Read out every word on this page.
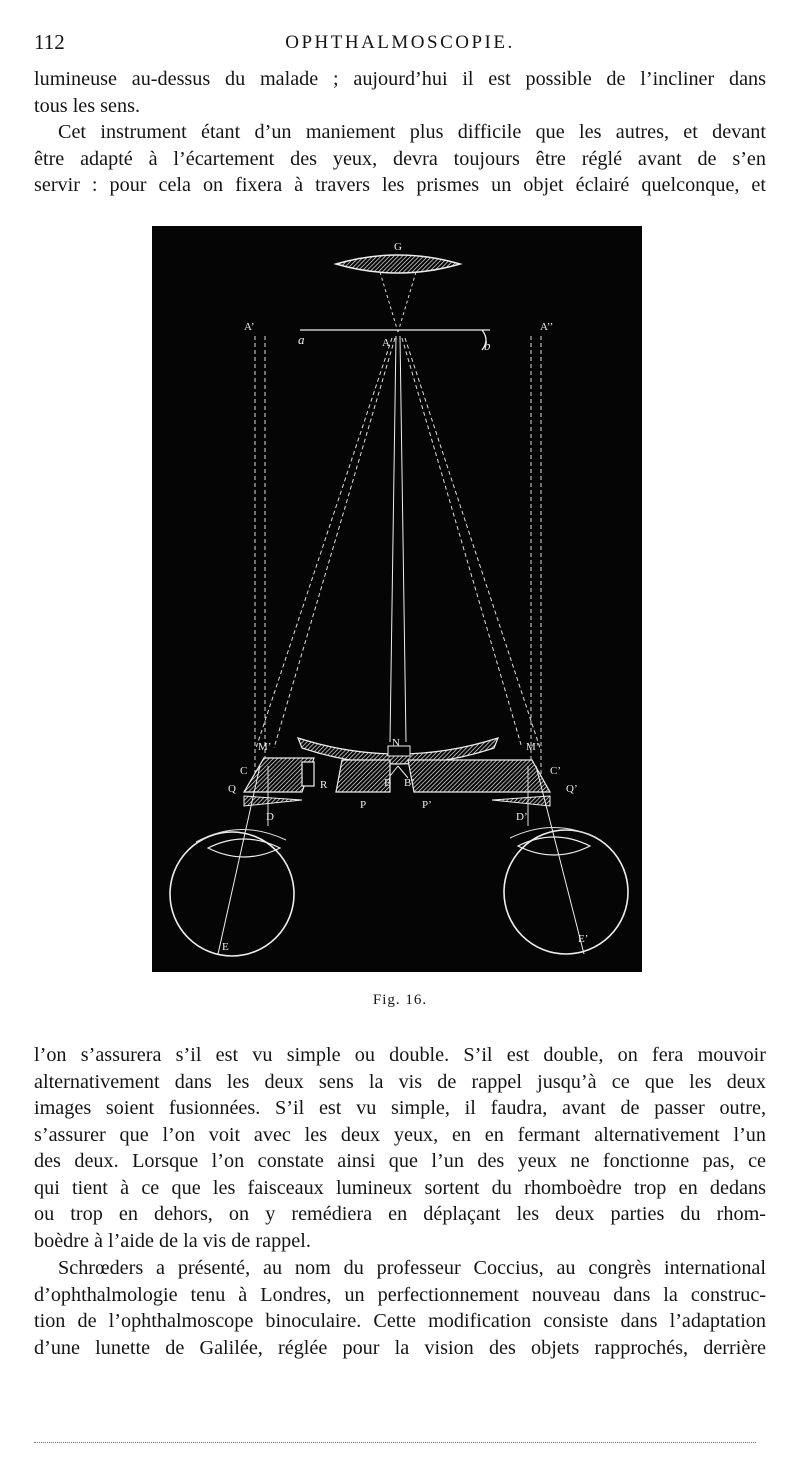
112	OPHTHALMOSCOPIE.

lumineuse au-dessus du malade ; aujourd’hui il est possible de l’incliner dans
tous les sens.

Cet instrument étant d’un maniement plus difficile que les autres, et devant
être adapté à l’écartement des yeux, devra toujours être réglé avant de s’en
servir : pour cela on fixera à travers les prismes un objet éclairé quelconque, et

G
A’
A
A’’
a	b
M’	N	M’
C	C’
Q	Q’
R	B B’
P	P’
D	D’
E
E’
Fig. 16.

l’on s’assurera s’il est vu simple ou double. S’il est double, on fera mouvoir
alternativement dans les deux sens la vis de rappel jusqu’à ce que les deux
images soient fusionnées. S’il est vu simple, il faudra, avant de passer outre,
s’assurer que l’on voit avec les deux yeux, en en fermant alternativement l’un
des deux. Lorsque l’on constate ainsi que l’un des yeux ne fonctionne pas, ce
qui tient à ce que les faisceaux lumineux sortent du rhomboèdre trop en dedans
ou trop en dehors, on y remédiera en déplaçant les deux parties du rhom-
boèdre à l’aide de la vis de rappel.

Schrœders a présenté, au nom du professeur Coccius, au congrès international
d’ophthalmologie tenu à Londres, un perfectionnement nouveau dans la construc-
tion de l’ophthalmoscope binoculaire. Cette modification consiste dans l’adaptation
d’une lunette de Galilée, réglée pour la vision des objets rapprochés, derrière
